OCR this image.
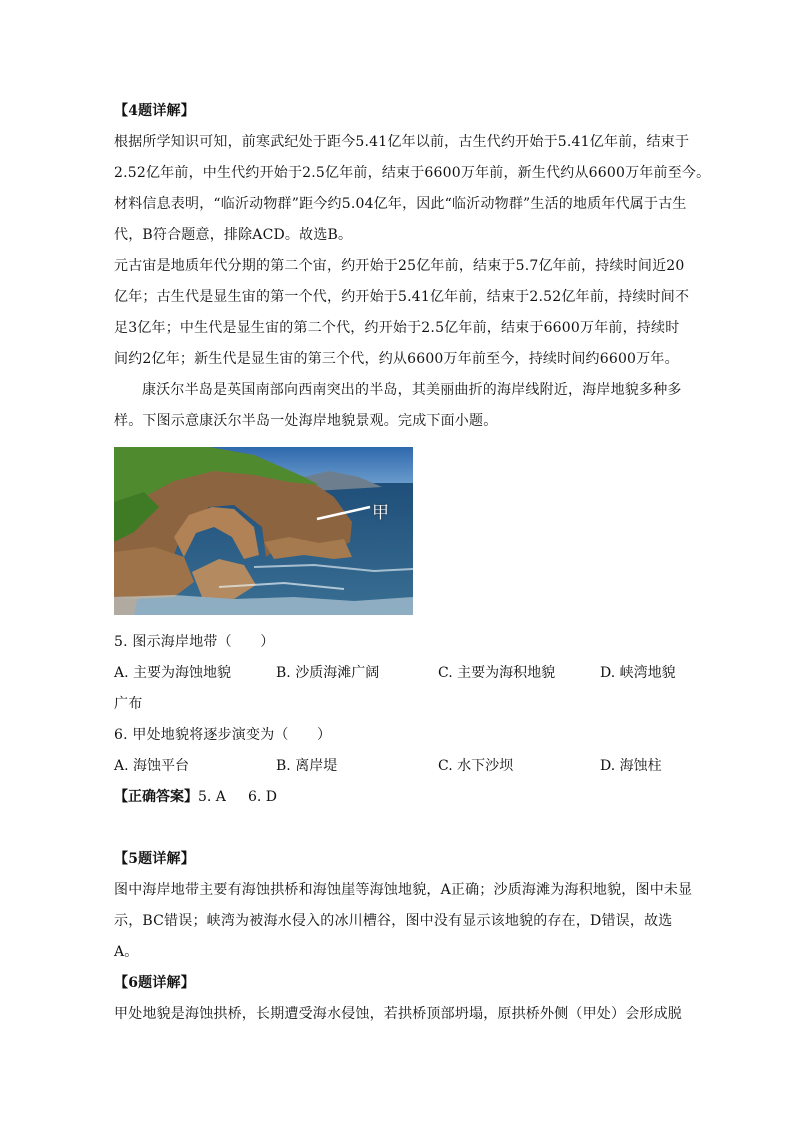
【4题详解】
根据所学知识可知，前寒武纪处于距今5.41亿年以前，古生代约开始于5.41亿年前，结束于
2.52亿年前，中生代约开始于2.5亿年前，结束于6600万年前，新生代约从6600万年前至今。
材料信息表明，“临沂动物群”距今约5.04亿年，因此“临沂动物群”生活的地质年代属于古生
代，B符合题意，排除ACD。故选B。
元古宙是地质年代分期的第二个宙，约开始于25亿年前，结束于5.7亿年前，持续时间近20
亿年；古生代是显生宙的第一个代，约开始于5.41亿年前，结束于2.52亿年前，持续时间不
足3亿年；中生代是显生宙的第二个代，约开始于2.5亿年前，结束于6600万年前，持续时
间约2亿年；新生代是显生宙的第三个代，约从6600万年前至今，持续时间约6600万年。
康沃尔半岛是英国南部向西南突出的半岛，其美丽曲折的海岸线附近，海岸地貌多种多
样。下图示意康沃尔半岛一处海岸地貌景观。完成下面小题。
甲
5. 图示海岸地带（　　）
A. 主要为海蚀地貌	B. 沙质海滩广阔	C. 主要为海积地貌	D. 峡湾地貌
广布
6. 甲处地貌将逐步演变为（　　）
A. 海蚀平台	B. 离岸堤	C. 水下沙坝	D. 海蚀柱
【正确答案】 5. A 6. D
【5题详解】
图中海岸地带主要有海蚀拱桥和海蚀崖等海蚀地貌，A正确；沙质海滩为海积地貌，图中未显
示，BC错误；峡湾为被海水侵入的冰川槽谷，图中没有显示该地貌的存在，D错误，故选
A。
【6题详解】
甲处地貌是海蚀拱桥，长期遭受海水侵蚀，若拱桥顶部坍塌，原拱桥外侧（甲处）会形成脱
